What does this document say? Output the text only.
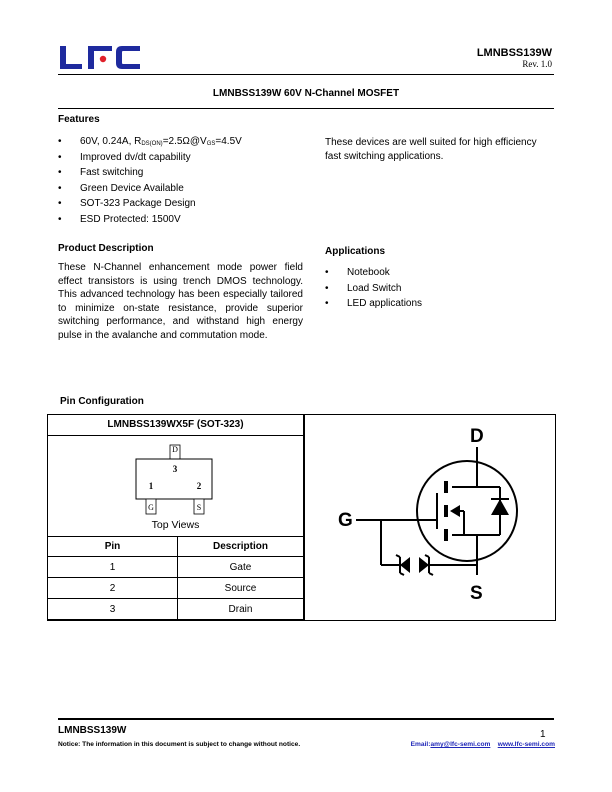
LMNBSS139W
Rev. 1.0
LMNBSS139W 60V N-Channel MOSFET
Features
• 60V, 0.24A, $R_{DS(ON)}=2.5\Omega@V_{GS}=4.5V$
• Improved dv/dt capability
• Fast switching
• Green Device Available
• SOT-323 Package Design
• ESD Protected: 1500V
These devices are well suited for high efficiency
fast switching applications.
Product Description
These N-Channel enhancement mode power field effect transistors is using trench DMOS technology. This advanced technology has been especially tailored to minimize on-state resistance, provide superior switching performance, and withstand high energy pulse in the avalanche and commutation mode.
Applications
• Notebook
• Load Switch
• LED applications
Pin Configuration
LMNBSS139WX5F (SOT-323)
D
3
1	2
G	S
Top Views
Pin	Description
1	Gate
2	Source
3	Drain
D
G
S
LMNBSS139W	1
Notice: The information in this document is subject to change without notice.	Email:amy@lfc-semi.com www.lfc-semi.com
